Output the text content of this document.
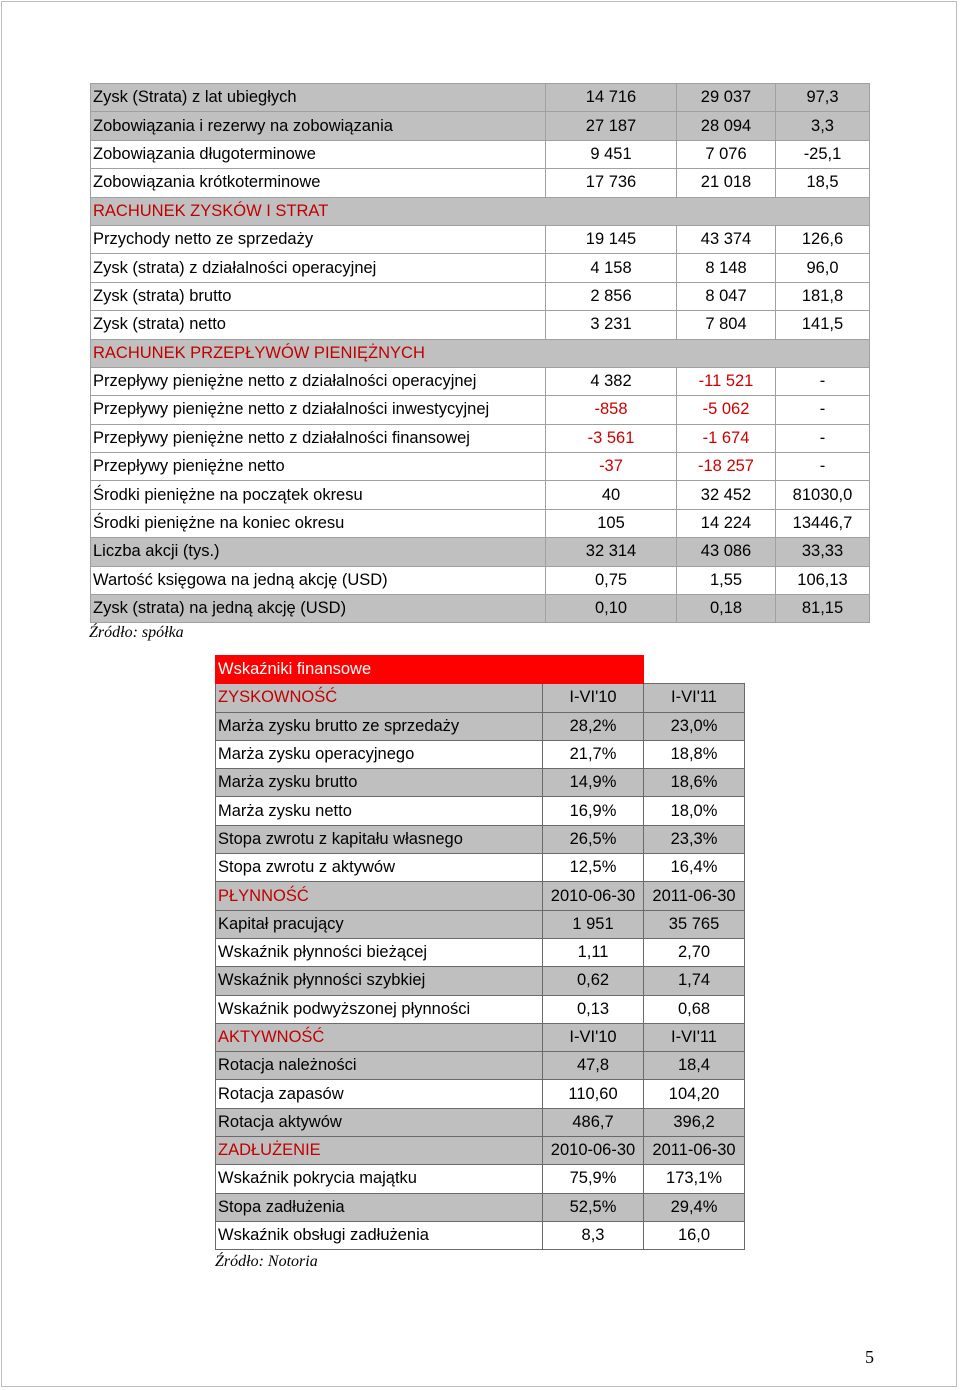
Zysk (Strata) z lat ubiegłych	14 716	29 037	97,3
Zobowiązania i rezerwy na zobowiązania	27 187	28 094	3,3
Zobowiązania długoterminowe	9 451	7 076	-25,1
Zobowiązania krótkoterminowe	17 736	21 018	18,5
RACHUNEK ZYSKÓW I STRAT			
Przychody netto ze sprzedaży	19 145	43 374	126,6
Zysk (strata) z działalności operacyjnej	4 158	8 148	96,0
Zysk (strata) brutto	2 856	8 047	181,8
Zysk (strata) netto	3 231	7 804	141,5
RACHUNEK PRZEPŁYWÓW PIENIĘŻNYCH			
Przepływy pieniężne netto z działalności operacyjnej	4 382	-11 521	-
Przepływy pieniężne netto z działalności inwestycyjnej	-858	-5 062	-
Przepływy pieniężne netto z działalności finansowej	-3 561	-1 674	-
Przepływy pieniężne netto	-37	-18 257	-
Środki pieniężne na początek okresu	40	32 452	81030,0
Środki pieniężne na koniec okresu	105	14 224	13446,7
Liczba akcji (tys.)	32 314	43 086	33,33
Wartość księgowa na jedną akcję (USD)	0,75	1,55	106,13
Zysk (strata) na jedną akcję (USD)	0,10	0,18	81,15
Źródło: spółka
Wskaźniki finansowe		
ZYSKOWNOŚĆ	I-VI'10	I-VI'11
Marża zysku brutto ze sprzedaży	28,2%	23,0%
Marża zysku operacyjnego	21,7%	18,8%
Marża zysku brutto	14,9%	18,6%
Marża zysku netto	16,9%	18,0%
Stopa zwrotu z kapitału własnego	26,5%	23,3%
Stopa zwrotu z aktywów	12,5%	16,4%
PŁYNNOŚĆ	2010-06-30	2011-06-30
Kapitał pracujący	1 951	35 765
Wskaźnik płynności bieżącej	1,11	2,70
Wskaźnik płynności szybkiej	0,62	1,74
Wskaźnik podwyższonej płynności	0,13	0,68
AKTYWNOŚĆ	I-VI'10	I-VI'11
Rotacja należności	47,8	18,4
Rotacja zapasów	110,60	104,20
Rotacja aktywów	486,7	396,2
ZADŁUŻENIE	2010-06-30	2011-06-30
Wskaźnik pokrycia majątku	75,9%	173,1%
Stopa zadłużenia	52,5%	29,4%
Wskaźnik obsługi zadłużenia	8,3	16,0
Źródło: Notoria
5
